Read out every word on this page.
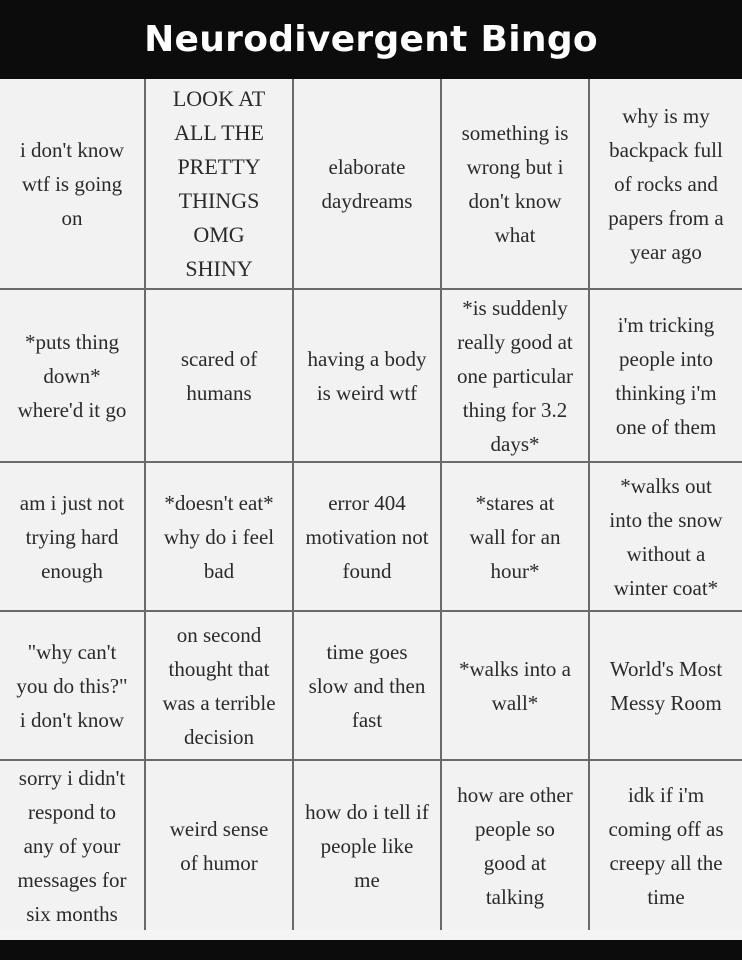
Neurodivergent Bingo
i don't know
wtf is going
on
LOOK AT
ALL THE
PRETTY
THINGS
OMG
SHINY
elaborate
daydreams
something is
wrong but i
don't know
what
why is my
backpack full
of rocks and
papers from a
year ago
*puts thing
down*
where'd it go
scared of
humans
having a body
is weird wtf
*is suddenly
really good at
one particular
thing for 3.2
days*
i'm tricking
people into
thinking i'm
one of them
am i just not
trying hard
enough
*doesn't eat*
why do i feel
bad
error 404
motivation not
found
*stares at
wall for an
hour*
*walks out
into the snow
without a
winter coat*
"why can't
you do this?"
i don't know
on second
thought that
was a terrible
decision
time goes
slow and then
fast
*walks into a
wall*
World's Most
Messy Room
sorry i didn't
respond to
any of your
messages for
six months
weird sense
of humor
how do i tell if
people like
me
how are other
people so
good at
talking
idk if i'm
coming off as
creepy all the
time
